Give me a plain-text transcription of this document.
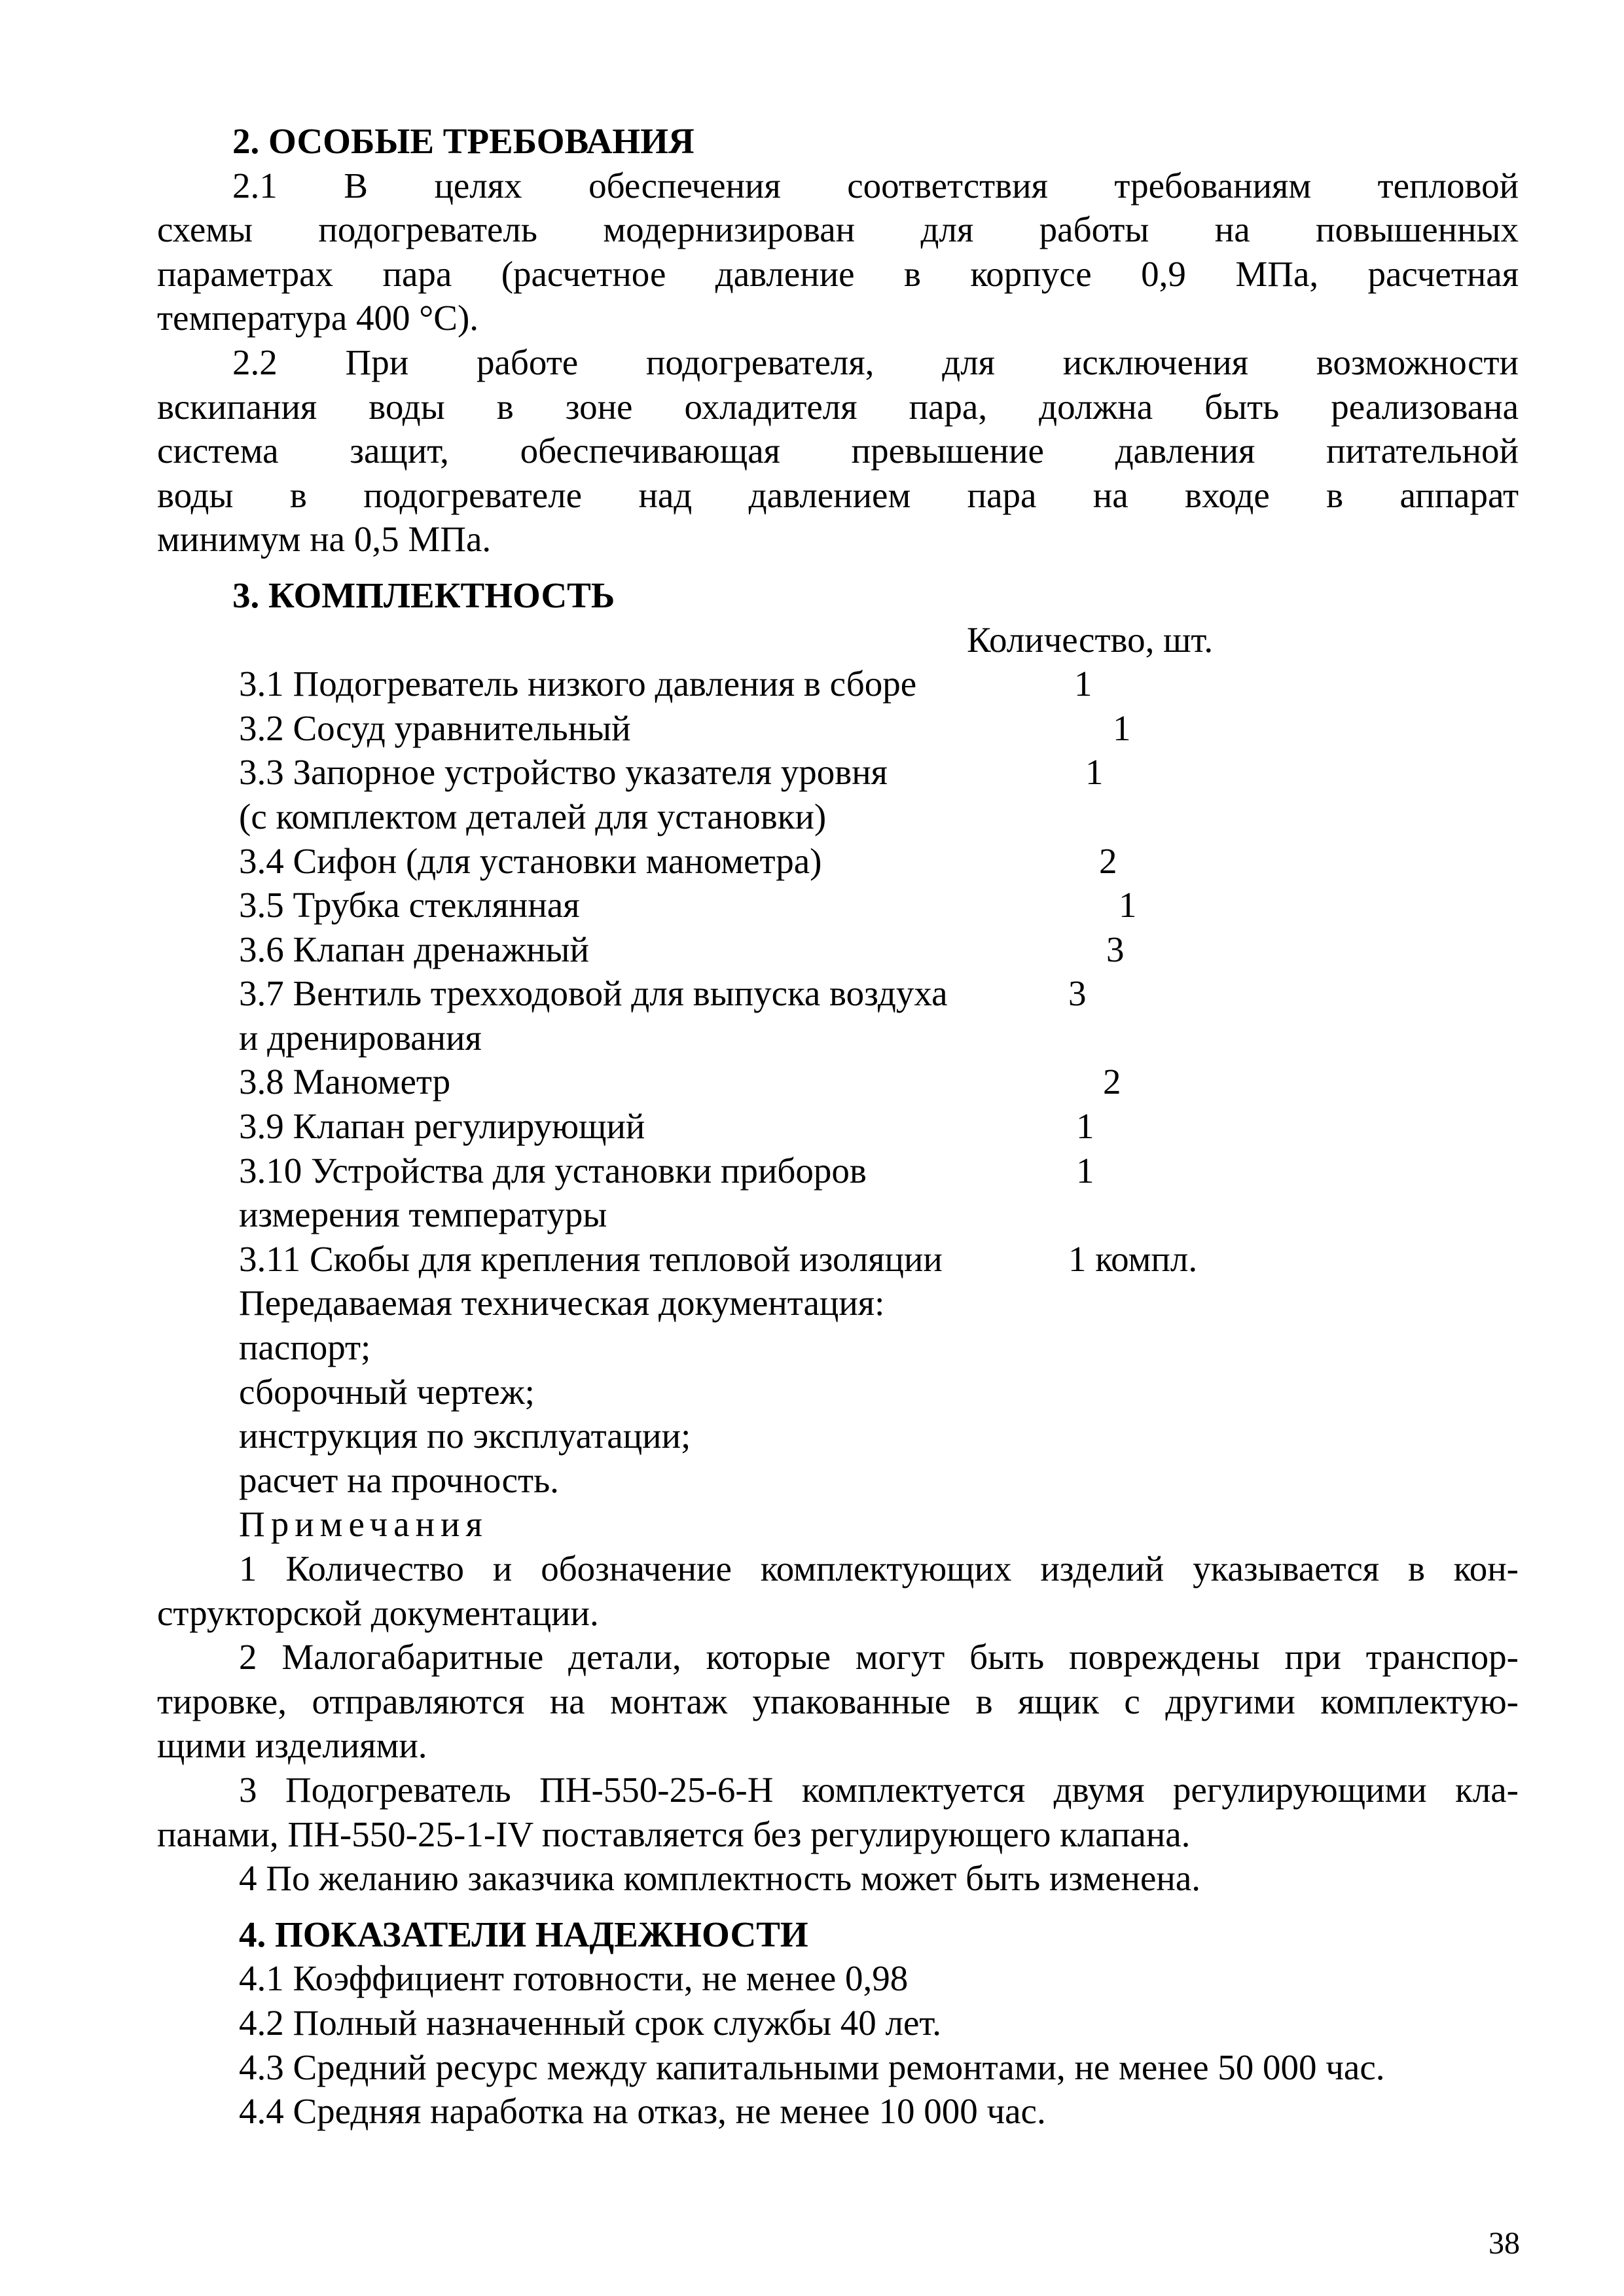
2. ОСОБЫЕ ТРЕБОВАНИЯ
2.1 В целях обеспечения соответствия требованиям тепловой
схемы подогреватель модернизирован для работы на повышенных
параметрах пара (расчетное давление в корпусе 0,9 МПа, расчетная
температура 400 °С).
2.2 При работе подогревателя, для исключения возможности
вскипания воды в зоне охладителя пара, должна быть реализована
система защит, обеспечивающая превышение давления питательной
воды в подогревателе над давлением пара на входе в аппарат
минимум на 0,5 МПа.
3. КОМПЛЕКТНОСТЬ
Количество, шт.
3.1 Подогреватель низкого давления в сборе	1
3.2 Сосуд уравнительный	1
3.3 Запорное устройство указателя уровня	1
(с комплектом деталей для установки)
3.4 Сифон (для установки манометра)	2
3.5 Трубка стеклянная	1
3.6 Клапан дренажный	3
3.7 Вентиль трехходовой для выпуска воздуха	3
и дренирования
3.8 Манометр	2
3.9 Клапан регулирующий	1
3.10 Устройства для установки приборов	1
измерения температуры
3.11 Скобы для крепления тепловой изоляции	1 компл.
Передаваемая техническая документация:
паспорт;
сборочный чертеж;
инструкция по эксплуатации;
расчет на прочность.
Примечания
1 Количество и обозначение комплектующих изделий указывается в кон-
структорской документации.
2 Малогабаритные детали, которые могут быть повреждены при транспор-
тировке, отправляются на монтаж упакованные в ящик с другими комплектую-
щими изделиями.
3 Подогреватель ПН-550-25-6-Н комплектуется двумя регулирующими кла-
панами, ПН-550-25-1-IV поставляется без регулирующего клапана.
4 По желанию заказчика комплектность может быть изменена.
4. ПОКАЗАТЕЛИ НАДЕЖНОСТИ
4.1 Коэффициент готовности, не менее 0,98
4.2 Полный назначенный срок службы 40 лет.
4.3 Средний ресурс между капитальными ремонтами, не менее 50 000 час.
4.4 Средняя наработка на отказ, не менее 10 000 час.
38
